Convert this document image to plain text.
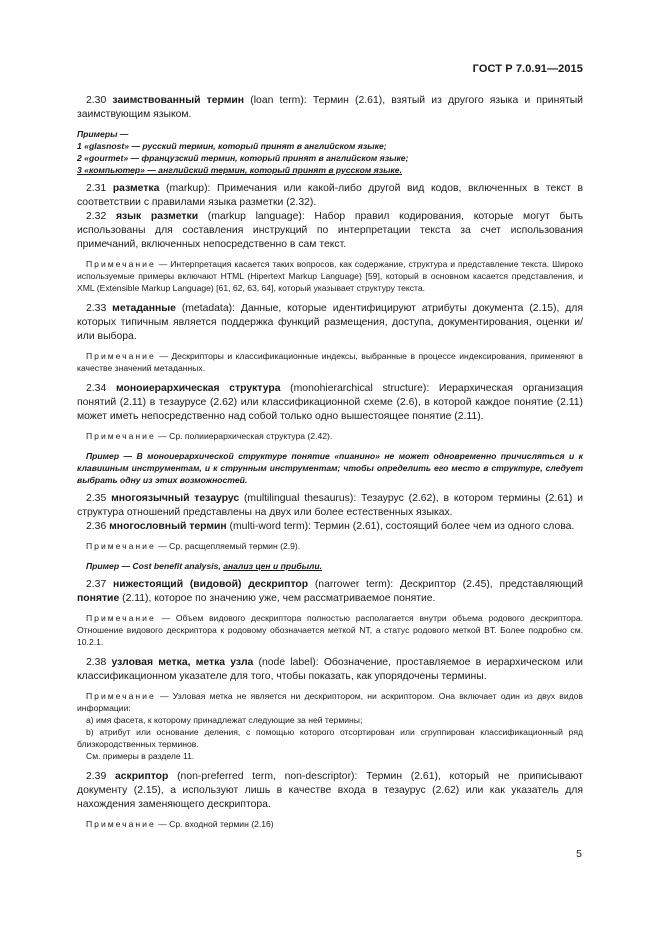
ГОСТ Р 7.0.91—2015

2.30 заимствованный термин (loan term): Термин (2.61), взятый из другого языка и принятый заимствующим языком.

Примеры —

1 «glasnost» — русский термин, который принят в английском языке;

2 «gourmet» — французский термин, который принят в английском языке;

3 «компьютер» — английский термин, который принят в русском языке.

2.31 разметка (markup): Примечания или какой-либо другой вид кодов, включенных в текст в соответствии с правилами языка разметки (2.32).

2.32 язык разметки (markup language): Набор правил кодирования, которые могут быть использованы для составления инструкций по интерпретации текста за счет использования примечаний, включенных непосредственно в сам текст.

Примечание — Интерпретация касается таких вопросов, как содержание, структура и представление текста. Широко используемые примеры включают HTML (Hipertext Markup Language) [59], который в основном касается представления, и XML (Extensible Markup Language) [61, 62, 63, 64], который указывает структуру текста.

2.33 метаданные (metadata): Данные, которые идентифицируют атрибуты документа (2.15), для которых типичным является поддержка функций размещения, доступа, документирования, оценки и/или выбора.

Примечание — Дескрипторы и классификационные индексы, выбранные в процессе индексирования, применяют в качестве значений метаданных.

2.34 моноиерархическая структура (monohierarchical structure): Иерархическая организация понятий (2.11) в тезаурусе (2.62) или классификационной схеме (2.6), в которой каждое понятие (2.11) может иметь непосредственно над собой только одно вышестоящее понятие (2.11).

Примечание — Ср. полииерархическая структура (2.42).

Пример — В моноиерархической структуре понятие «пианино» не может одновременно причисляться и к клавишным инструментам, и к струнным инструментам; чтобы определить его место в структуре, следует выбрать одну из этих возможностей.

2.35 многоязычный тезаурус (multilingual thesaurus): Тезаурус (2.62), в котором термины (2.61) и структура отношений представлены на двух или более естественных языках.

2.36 многословный термин (multi-word term): Термин (2.61), состоящий более чем из одного слова.

Примечание — Ср. расщепляемый термин (2.9).

Пример — Cost benefit analysis, анализ цен и прибыли.

2.37 нижестоящий (видовой) дескриптор (narrower term): Дескриптор (2.45), представляющий понятие (2.11), которое по значению уже, чем рассматриваемое понятие.

Примечание — Объем видового дескриптора полностью располагается внутри объема родового дескриптора. Отношение видового дескриптора к родовому обозначается меткой NT, а статус родового меткой BT. Более подробно см. 10.2.1.

2.38 узловая метка, метка узла (node label): Обозначение, проставляемое в иерархическом или классификационном указателе для того, чтобы показать, как упорядочены термины.

Примечание — Узловая метка не является ни дескриптором, ни аскриптором. Она включает один из двух видов информации:

а) имя фасета, к которому принадлежат следующие за ней термины;

b) атрибут или основание деления, с помощью которого отсортирован или сгруппирован классификационный ряд близкородственных терминов.

См. примеры в разделе 11.

2.39 аскриптор (non-preferred term, non-descriptor): Термин (2.61), который не приписывают документу (2.15), а используют лишь в качестве входа в тезаурус (2.62) или как указатель для нахождения заменяющего дескриптора.

Примечание — Ср. входной термин (2.16)

5
